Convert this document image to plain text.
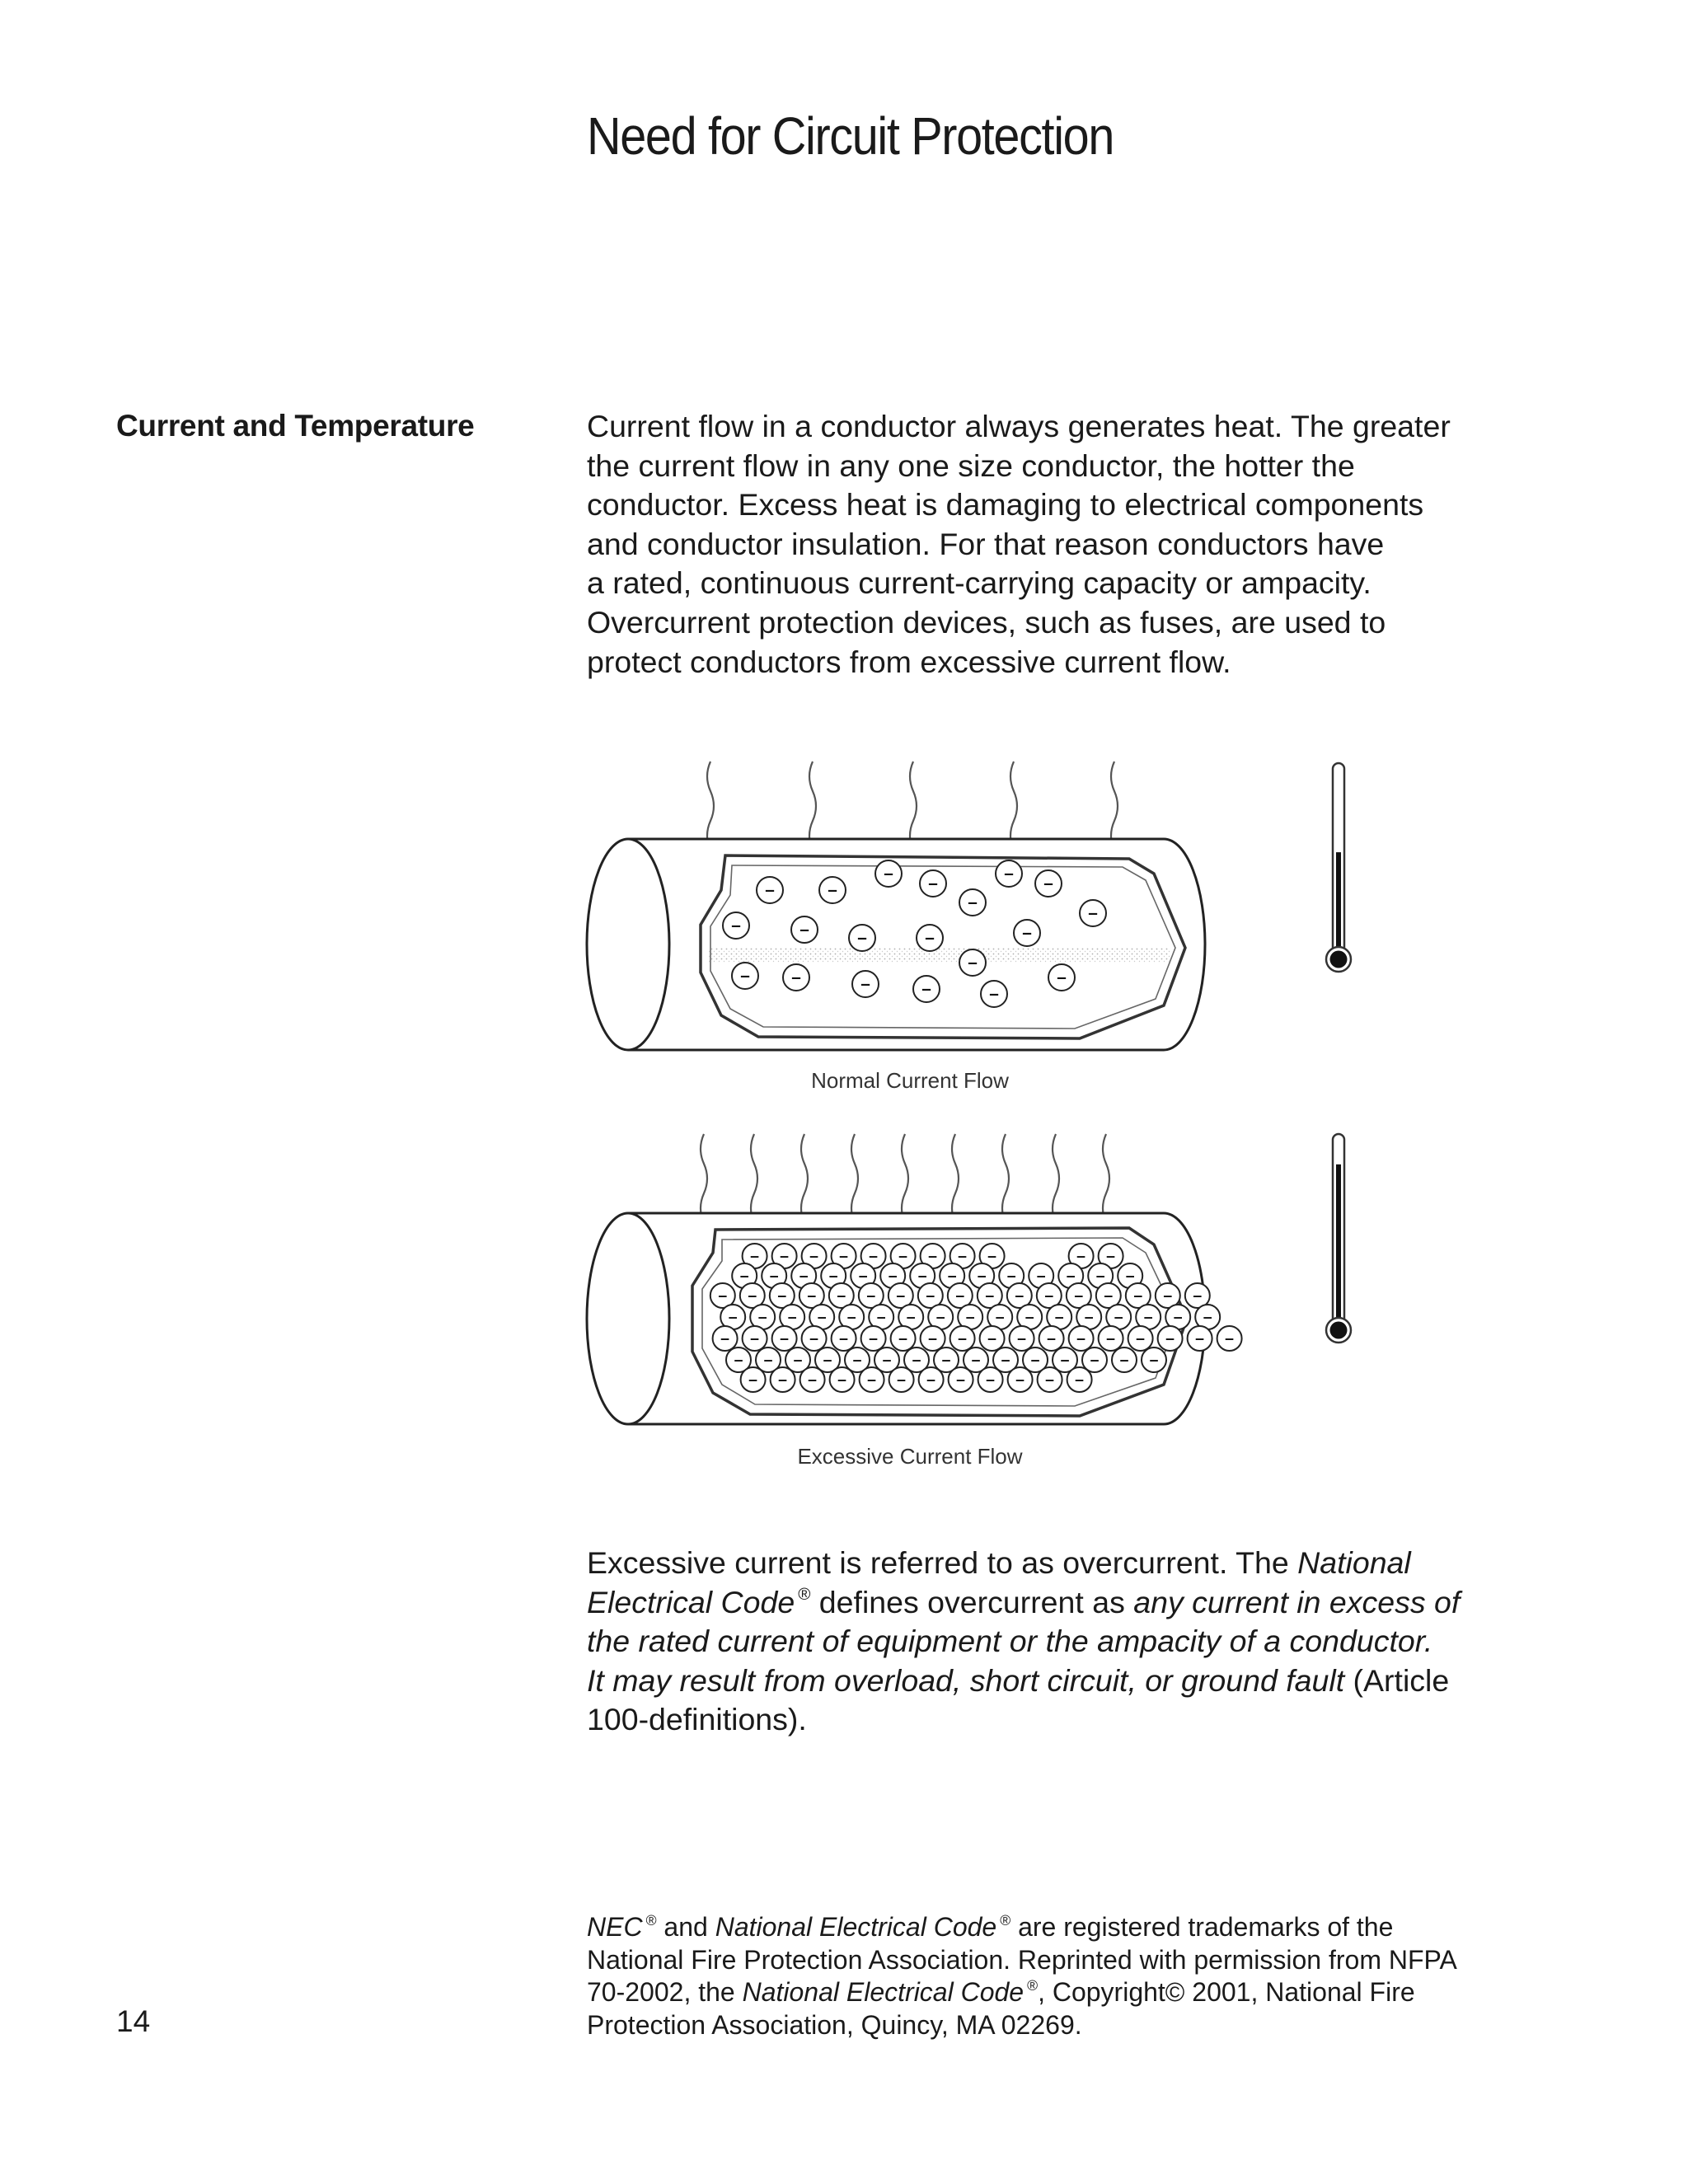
Need for Circuit Protection
Current and Temperature	Current flow in a conductor always generates heat. The greater
the current flow in any one size conductor, the hotter the
conductor. Excess heat is damaging to electrical components
and conductor insulation. For that reason conductors have
a rated, continuous current-carrying capacity or ampacity.
Overcurrent protection devices, such as fuses, are used to
protect conductors from excessive current flow.

–	–
–
–
–
–
–
–
–	–	–	–	–
–
– –	–	–	–
–
Normal Current Flow
– – – – – – – – –	– –
– – – – – – – – – – – – – –
– – – – – – – – – – – – – – – – –
– – – – – – – – – – – – – – – – –
– – – – – – – – – – – – – – – – – –
– – – – – – – – – – – – – – –
– – – – – – – – – – – –
Excessive Current Flow

Excessive current is referred to as overcurrent. The National
Electrical Code ® defines overcurrent as any current in excess of
the rated current of equipment or the ampacity of a conductor.
It may result from overload, short circuit, or ground fault (Article
100-definitions).

NEC ® and National Electrical Code ® are registered trademarks of the
National Fire Protection Association. Reprinted with permission from NFPA
70-2002, the National Electrical Code ®, Copyright© 2001, National Fire
Protection Association, Quincy, MA 02269.

14
